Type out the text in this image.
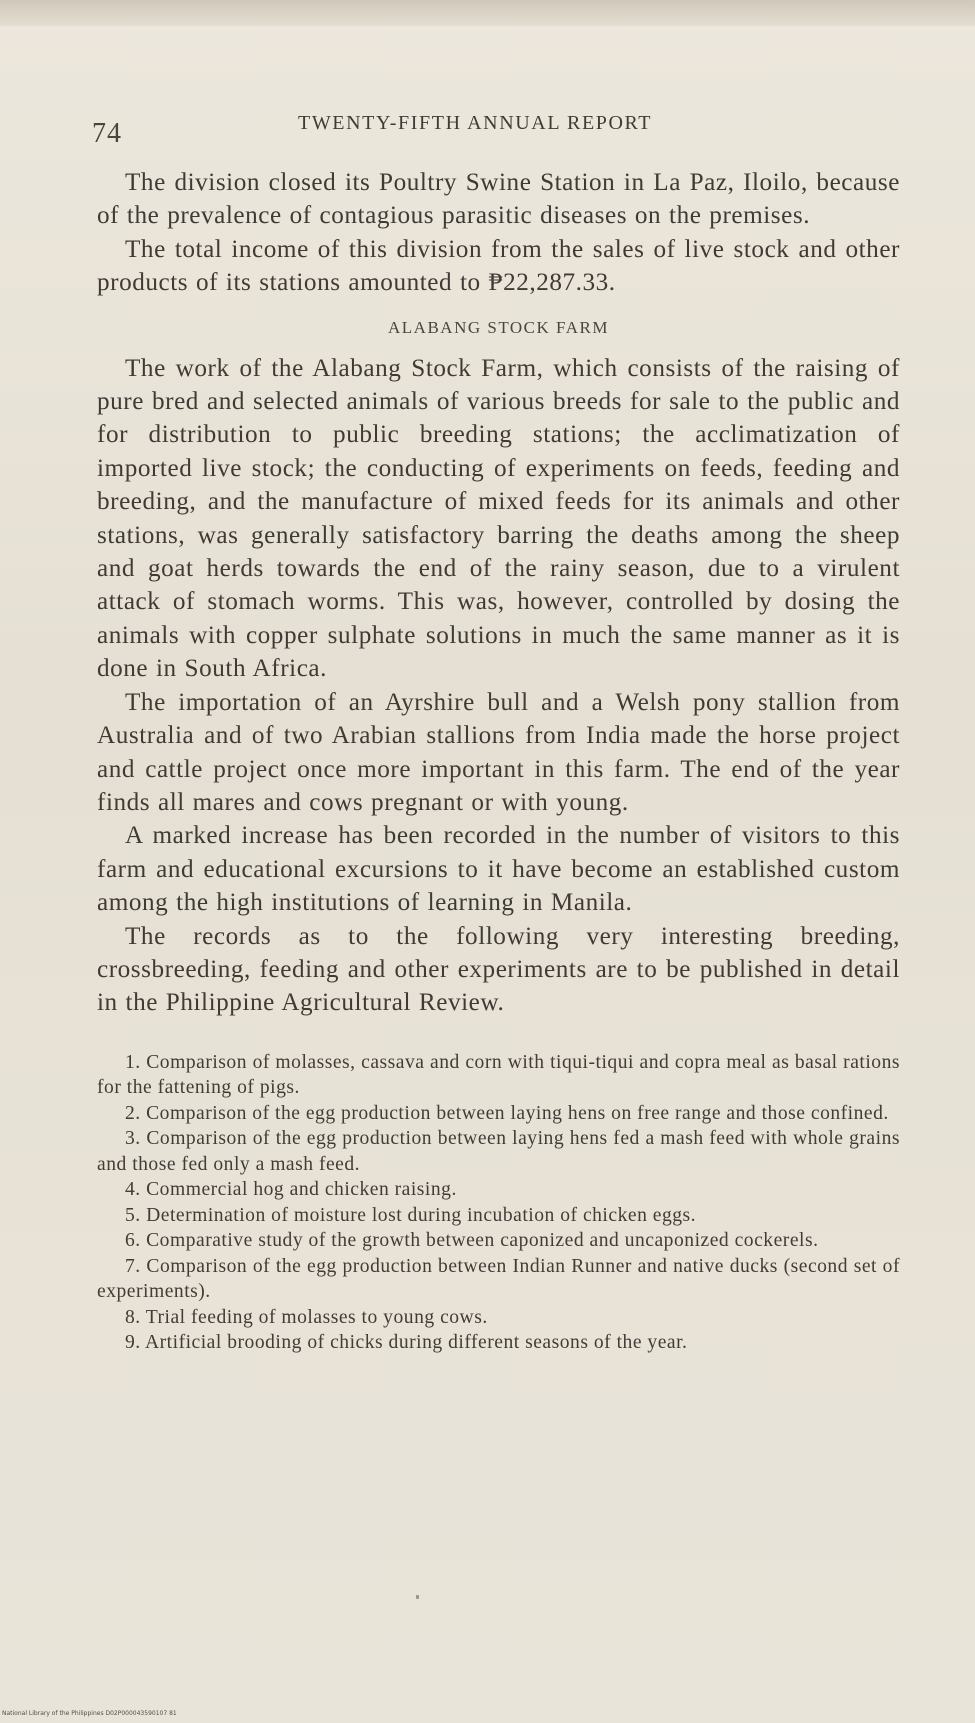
74	TWENTY-FIFTH ANNUAL REPORT

The division closed its Poultry Swine Station in La Paz, Iloilo, because of the prevalence of contagious parasitic diseases on the premises.

The total income of this division from the sales of live stock and other products of its stations amounted to ₱22,287.33.

ALABANG STOCK FARM

The work of the Alabang Stock Farm, which consists of the raising of pure bred and selected animals of various breeds for sale to the public and for distribution to public breeding stations; the acclimatization of imported live stock; the conducting of experiments on feeds, feeding and breeding, and the manufacture of mixed feeds for its animals and other stations, was generally satisfactory barring the deaths among the sheep and goat herds towards the end of the rainy season, due to a virulent attack of stomach worms. This was, however, controlled by dosing the animals with copper sulphate solutions in much the same manner as it is done in South Africa.

The importation of an Ayrshire bull and a Welsh pony stallion from Australia and of two Arabian stallions from India made the horse project and cattle project once more important in this farm. The end of the year finds all mares and cows pregnant or with young.

A marked increase has been recorded in the number of visitors to this farm and educational excursions to it have become an established custom among the high institutions of learning in Manila.

The records as to the following very interesting breeding, crossbreeding, feeding and other experiments are to be published in detail in the Philippine Agricultural Review.

1. Comparison of molasses, cassava and corn with tiqui-tiqui and copra meal as basal rations for the fattening of pigs.

2. Comparison of the egg production between laying hens on free range and those confined.

3. Comparison of the egg production between laying hens fed a mash feed with whole grains and those fed only a mash feed.

4. Commercial hog and chicken raising.

5. Determination of moisture lost during incubation of chicken eggs.

6. Comparative study of the growth between caponized and uncaponized cockerels.

7. Comparison of the egg production between Indian Runner and native ducks (second set of experiments).

8. Trial feeding of molasses to young cows.

9. Artificial brooding of chicks during different seasons of the year.

National Library of the Philippines D02P000043590107 81
